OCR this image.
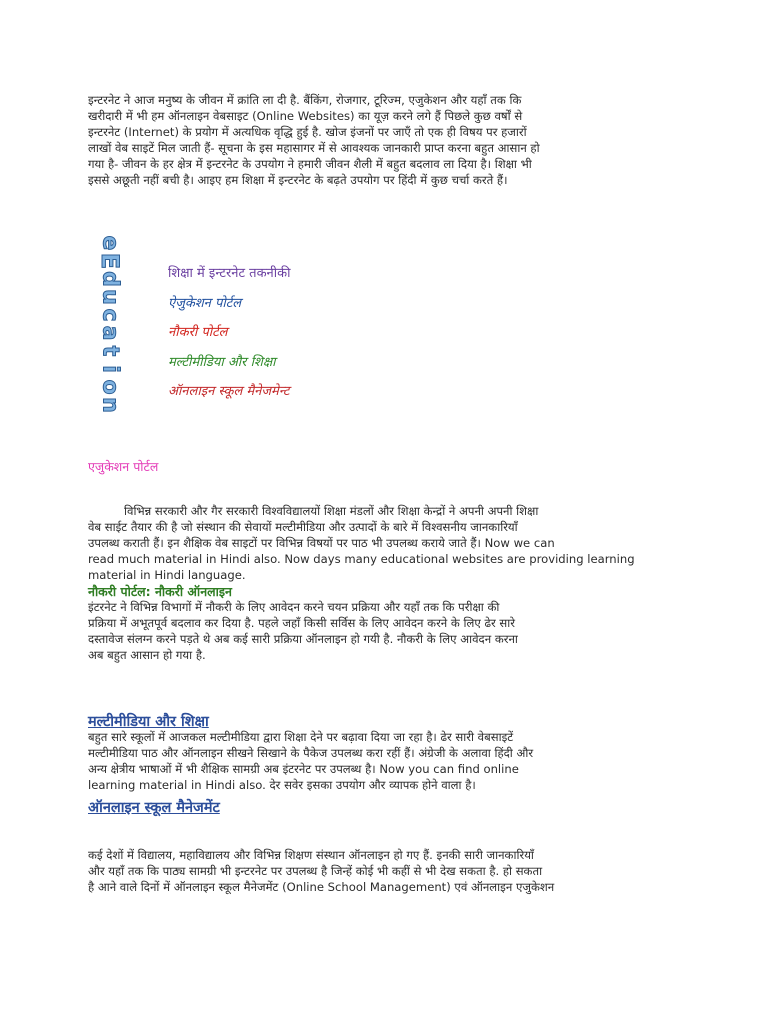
इन्टरनेट ने आज मनुष्य के जीवन में क्रांति ला दी है. बैंकिंग, रोजगार, टूरिज्म, एजुकेशन और यहाँ तक कि
खरीदारी में भी हम ऑनलाइन वेबसाइट (Online Websites) का यूज़ करने लगे हैं पिछले कुछ वर्षों से
इन्टरनेट (Internet) के प्रयोग में अत्यधिक वृद्धि हुई है. खोज इंजनों पर जाएँ तो एक ही विषय पर हजारों
लाखों वेब साइटें मिल जाती हैं- सूचना के इस महासागर में से आवश्यक जानकारी प्राप्त करना बहुत आसान हो
गया है- जीवन के हर क्षेत्र में इन्टरनेट के उपयोग ने हमारी जीवन शैली में बहुत बदलाव ला दिया है। शिक्षा भी
इससे अछूती नहीं बची है। आइए हम शिक्षा में इन्टरनेट के बढ़ते उपयोग पर हिंदी में कुछ चर्चा करते हैं।
e
E
d
u
c
a
t
i
o
n
शिक्षा में इन्टरनेट तकनीकी
ऐजुकेशन पोर्टल
नौकरी पोर्टल
मल्टीमीडिया और शिक्षा
ऑनलाइन स्कूल मैनेजमेन्ट
एजुकेशन पोर्टल
विभिन्न सरकारी और गैर सरकारी विश्वविद्यालयों शिक्षा मंडलों और शिक्षा केन्द्रों ने अपनी अपनी शिक्षा
वेब साईट तैयार की है जो संस्थान की सेवायों मल्टीमीडिया और उत्पादों के बारे में विश्वसनीय जानकारियाँ
उपलब्ध कराती हैं। इन शैक्षिक वेब साइटों पर विभिन्न विषयों पर पाठ भी उपलब्ध कराये जाते हैं। Now we can
read much material in Hindi also. Now days many educational websites are providing learning
material in Hindi language.
नौकरी पोर्टल: नौकरी ऑनलाइन
इंटरनेट ने विभिन्न विभागों में नौकरी के लिए आवेदन करने चयन प्रक्रिया और यहाँ तक कि परीक्षा की
प्रक्रिया में अभूतपूर्व बदलाव कर दिया है. पहले जहाँ किसी सर्विस के लिए आवेदन करने के लिए ढेर सारे
दस्तावेज संलग्न करने पड़ते थे अब कई सारी प्रक्रिया ऑनलाइन हो गयी है. नौकरी के लिए आवेदन करना
अब बहुत आसान हो गया है.
मल्टीमीडिया और शिक्षा
बहुत सारे स्कूलों में आजकल मल्टीमीडिया द्वारा शिक्षा देने पर बढ़ावा दिया जा रहा है। ढेर सारी वेबसाइटें
मल्टीमीडिया पाठ और ऑनलाइन सीखने सिखाने के पैकेज उपलब्ध करा रहीं हैं। अंग्रेजी के अलावा हिंदी और
अन्य क्षेत्रीय भाषाओं में भी शैक्षिक सामग्री अब इंटरनेट पर उपलब्ध है। Now you can find online
learning material in Hindi also. देर सवेर इसका उपयोग और व्यापक होने वाला है।
ऑनलाइन स्कूल मैनेजमेंट
कई देशों में विद्यालय, महाविद्यालय और विभिन्न शिक्षण संस्थान ऑनलाइन हो गए हैं. इनकी सारी जानकारियाँ
और यहाँ तक कि पाठ्य सामग्री भी इन्टरनेट पर उपलब्ध है जिन्हें कोई भी कहीं से भी देख सकता है. हो सकता
है आने वाले दिनों में ऑनलाइन स्कूल मैनेजमेंट (Online School Management) एवं ऑनलाइन एजुकेशन
